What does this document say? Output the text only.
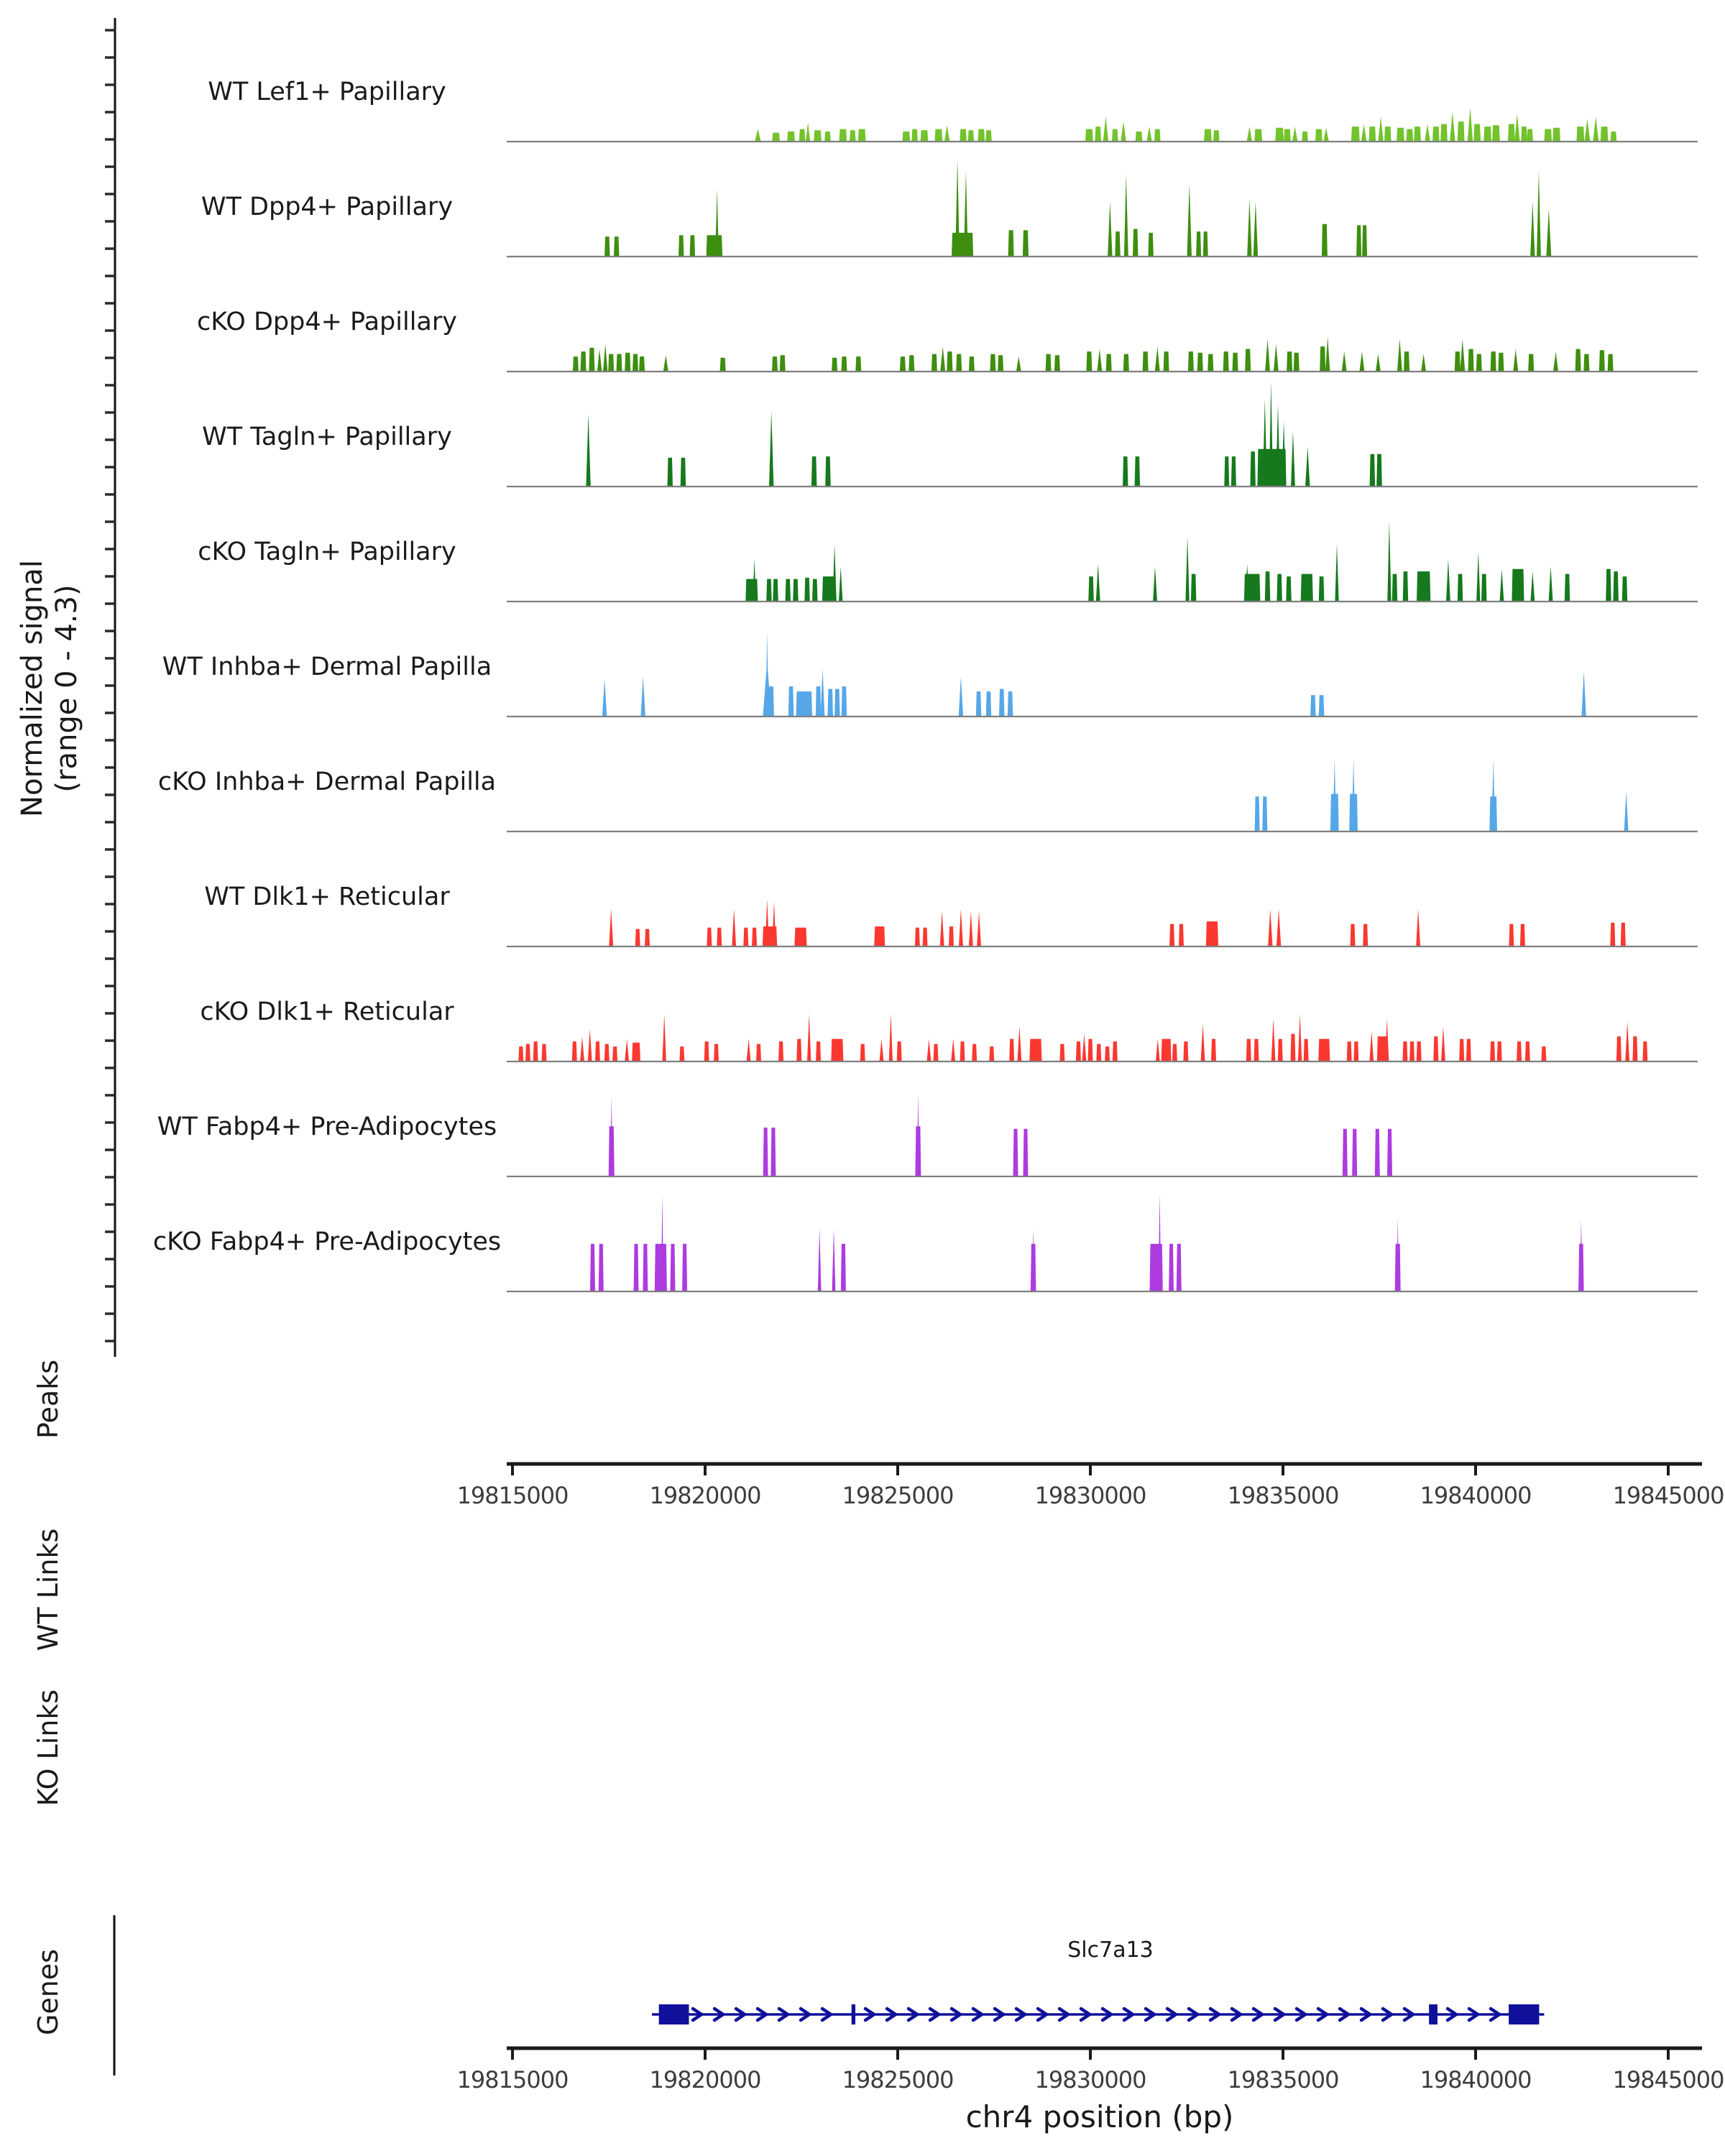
Normalized signal (range 0 - 4.3)
WT Lef1+ Papillary
WT Dpp4+ Papillary
cKO Dpp4+ Papillary
WT Tagln+ Papillary
cKO Tagln+ Papillary
WT Inhba+ Dermal Papilla
cKO Inhba+ Dermal Papilla
WT Dlk1+ Reticular
cKO Dlk1+ Reticular
WT Fabp4+ Pre-Adipocytes
cKO Fabp4+ Pre-Adipocytes
Peaks
WT Links
KO Links
Genes
19815000	19820000	19825000	19830000	19835000	19840000	19845000
Slc7a13
chr4 position (bp)
19815000	19820000	19825000	19830000	19835000	19840000	19845000
